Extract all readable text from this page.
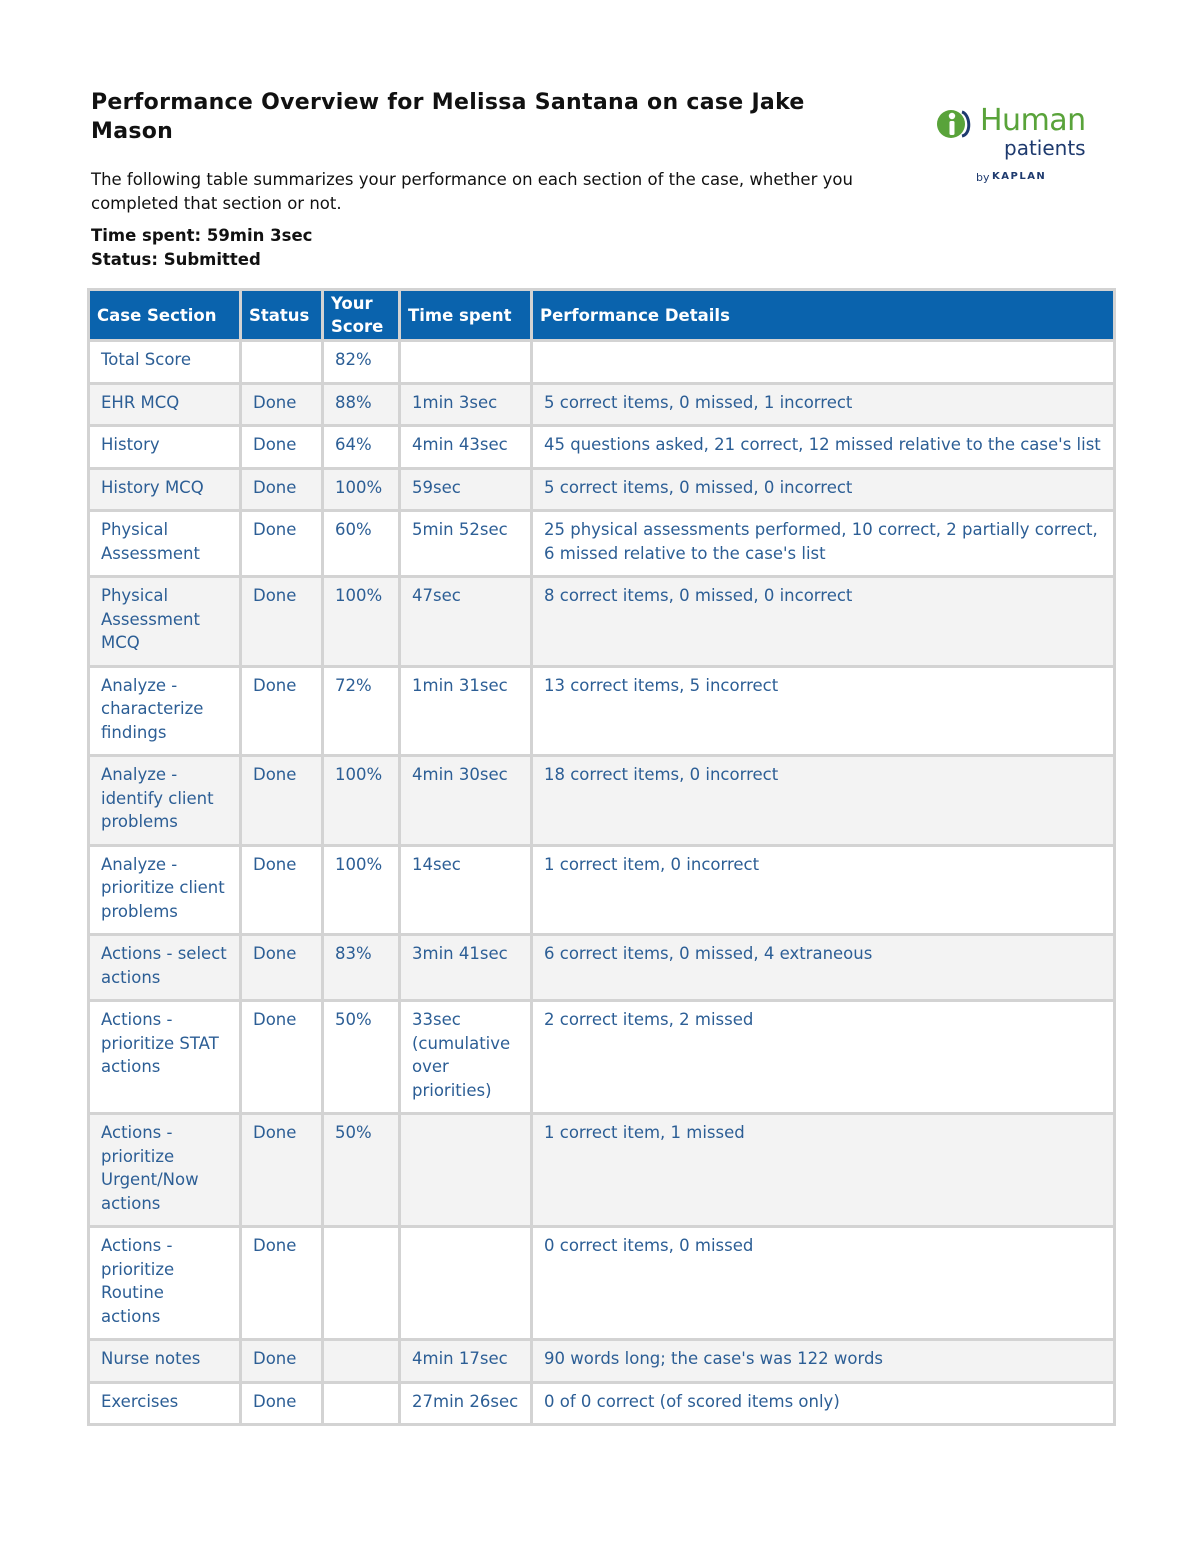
Performance Overview for Melissa Santana on case Jake Mason

The following table summarizes your performance on each section of the case, whether you completed that section or not.

Time spent: 59min 3sec
Status: Submitted
Human
patients
by KAPLAN
Case Section	Status	Your Score	Time spent	Performance Details
Total Score		82%		
EHR MCQ	Done	88%	1min 3sec	5 correct items, 0 missed, 1 incorrect
History	Done	64%	4min 43sec	45 questions asked, 21 correct, 12 missed relative to the case's list
History MCQ	Done	100%	59sec	5 correct items, 0 missed, 0 incorrect
Physical Assessment	Done	60%	5min 52sec	25 physical assessments performed, 10 correct, 2 partially correct, 6 missed relative to the case's list
Physical Assessment MCQ	Done	100%	47sec	8 correct items, 0 missed, 0 incorrect
Analyze - characterize findings	Done	72%	1min 31sec	13 correct items, 5 incorrect
Analyze - identify client problems	Done	100%	4min 30sec	18 correct items, 0 incorrect
Analyze - prioritize client problems	Done	100%	14sec	1 correct item, 0 incorrect
Actions - select actions	Done	83%	3min 41sec	6 correct items, 0 missed, 4 extraneous
Actions - prioritize STAT actions	Done	50%	33sec (cumulative over priorities)	2 correct items, 2 missed
Actions - prioritize Urgent/Now actions	Done	50%		1 correct item, 1 missed
Actions - prioritize Routine actions	Done			0 correct items, 0 missed
Nurse notes	Done		4min 17sec	90 words long; the case's was 122 words
Exercises	Done		27min 26sec	0 of 0 correct (of scored items only)
